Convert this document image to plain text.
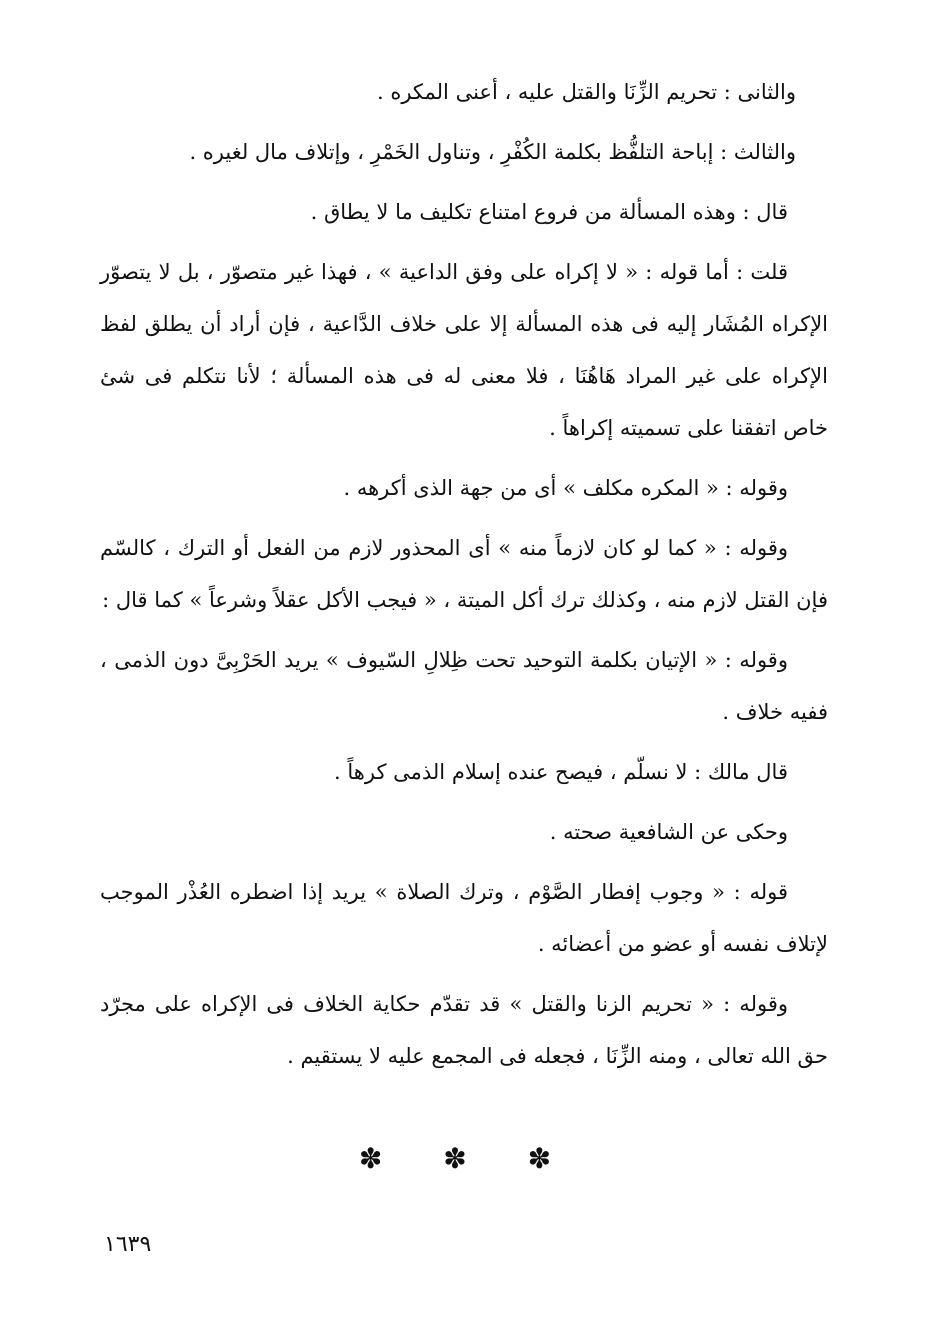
والثانى : تحريم الزِّنَا والقتل عليه ، أعنى المكره .

والثالث : إباحة التلفُّظ بكلمة الكُفْرِ ، وتناول الخَمْرِ ، وإتلاف مال لغيره .

قال : وهذه المسألة من فروع امتناع تكليف ما لا يطاق .

قلت : أما قوله : « لا إكراه على وفق الداعية » ، فهذا غير متصوّر ، بل لا يتصوّر الإكراه المُشَار إليه فى هذه المسألة إلا على خلاف الدَّاعية ، فإن أراد أن يطلق لفظ الإكراه على غير المراد هَاهُنَا ، فلا معنى له فى هذه المسألة ؛ لأنا نتكلم فى شئ خاص اتفقنا على تسميته إكراهاً .

وقوله : « المكره مكلف » أى من جهة الذى أكرهه .

وقوله : « كما لو كان لازماً منه » أى المحذور لازم من الفعل أو الترك ، كالسّم فإن القتل لازم منه ، وكذلك ترك أكل الميتة ، « فيجب الأكل عقلاً وشرعاً » كما قال :

وقوله : « الإتيان بكلمة التوحيد تحت ظِلالِ السّيوف » يريد الحَرْبِىَّ دون الذمى ، ففيه خلاف .

قال مالك : لا نسلّم ، فيصح عنده إسلام الذمى كرهاً .

وحكى عن الشافعية صحته .

قوله : « وجوب إفطار الصَّوْم ، وترك الصلاة » يريد إذا اضطره العُذْر الموجب لإتلاف نفسه أو عضو من أعضائه .

وقوله : « تحريم الزنا والقتل » قد تقدّم حكاية الخلاف فى الإكراه على مجرّد حق الله تعالى ، ومنه الزِّنَا ، فجعله فى المجمع عليه لا يستقيم .

✽ ✽ ✽
١٦٣٩
